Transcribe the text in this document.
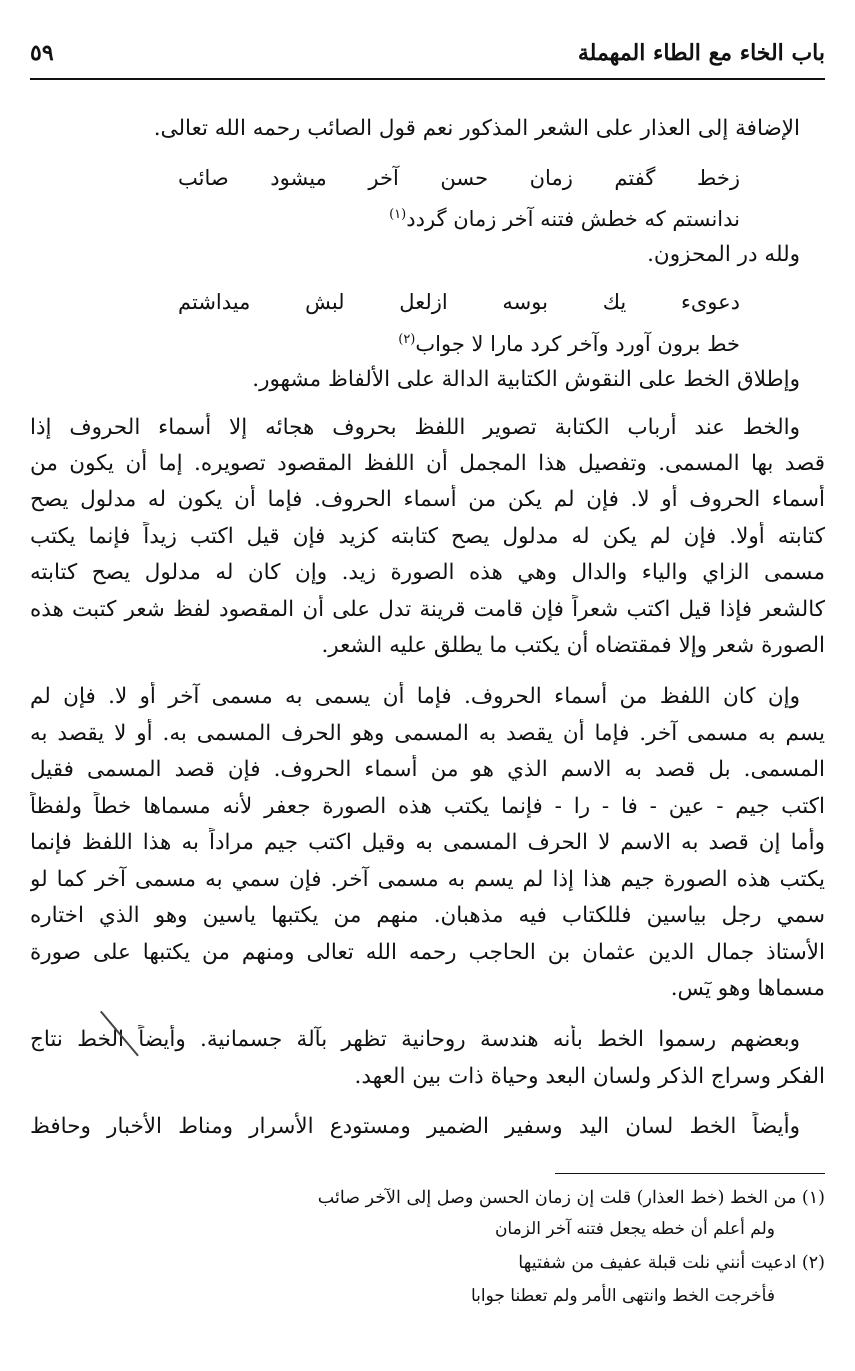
باب الخاء مع الطاء المهملة
٥٩

الإضافة إلى العذار على الشعر المذكور نعم قول الصائب رحمه الله تعالى.

زخط گفتم زمان حسن آخر میشود صائب

ندانستم که خطش فتنه آخر زمان گردد$^{(١)}$

ولله در المحزون.

دعوىء يك بوسه ازلعل لبش ميداشتم

خط برون آورد وآخر كرد مارا لا جواب$^{(٢)}$

وإطلاق الخط على النقوش الكتابية الدالة على الألفاظ مشهور.

والخط عند أرباب الكتابة تصوير اللفظ بحروف هجائه إلا أسماء الحروف إذا

قصد بها المسمى. وتفصيل هذا المجمل أن اللفظ المقصود تصويره. إما أن يكون من

أسماء الحروف أو لا. فإن لم يكن من أسماء الحروف. فإما أن يكون له مدلول يصح

كتابته أولا. فإن لم يكن له مدلول يصح كتابته كزيد فإن قيل اكتب زيداً فإنما يكتب

مسمى الزاي والياء والدال وهي هذه الصورة زيد. وإن كان له مدلول يصح كتابته

كالشعر فإذا قيل اكتب شعراً فإن قامت قرينة تدل على أن المقصود لفظ شعر كتبت هذه

الصورة شعر وإلا فمقتضاه أن يكتب ما يطلق عليه الشعر.

وإن كان اللفظ من أسماء الحروف. فإما أن يسمى به مسمى آخر أو لا. فإن لم

يسم به مسمى آخر. فإما أن يقصد به المسمى وهو الحرف المسمى به. أو لا يقصد به

المسمى. بل قصد به الاسم الذي هو من أسماء الحروف. فإن قصد المسمى فقيل

اكتب جيم - عين - فا - را - فإنما يكتب هذه الصورة جعفر لأنه مسماها خطاً ولفظاً

وأما إن قصد به الاسم لا الحرف المسمى به وقيل اكتب جيم مراداً به هذا اللفظ فإنما

يكتب هذه الصورة جيم هذا إذا لم يسم به مسمى آخر. فإن سمي به مسمى آخر كما لو

سمي رجل بياسين فللكتاب فيه مذهبان. منهم من يكتبها ياسين وهو الذي اختاره

الأستاذ جمال الدين عثمان بن الحاجب رحمه الله تعالى ومنهم من يكتبها على صورة

مسماها وهو يٓس.

وبعضهم رسموا الخط بأنه هندسة روحانية تظهر بآلة جسمانية. وأيضاً الخط نتاج

الفكر وسراج الذكر ولسان البعد وحياة ذات بين العهد.

وأيضاً الخط لسان اليد وسفير الضمير ومستودع الأسرار ومناط الأخبار وحافظ

(١) من الخط (خط العذار) قلت إن زمان الحسن وصل إلى الآخر صائب

ولم أعلم أن خطه يجعل فتنه آخر الزمان

(٢) ادعيت أنني نلت قبلة عفيف من شفتيها

فأخرجت الخط وانتهى الأمر ولم تعطنا جوابا
